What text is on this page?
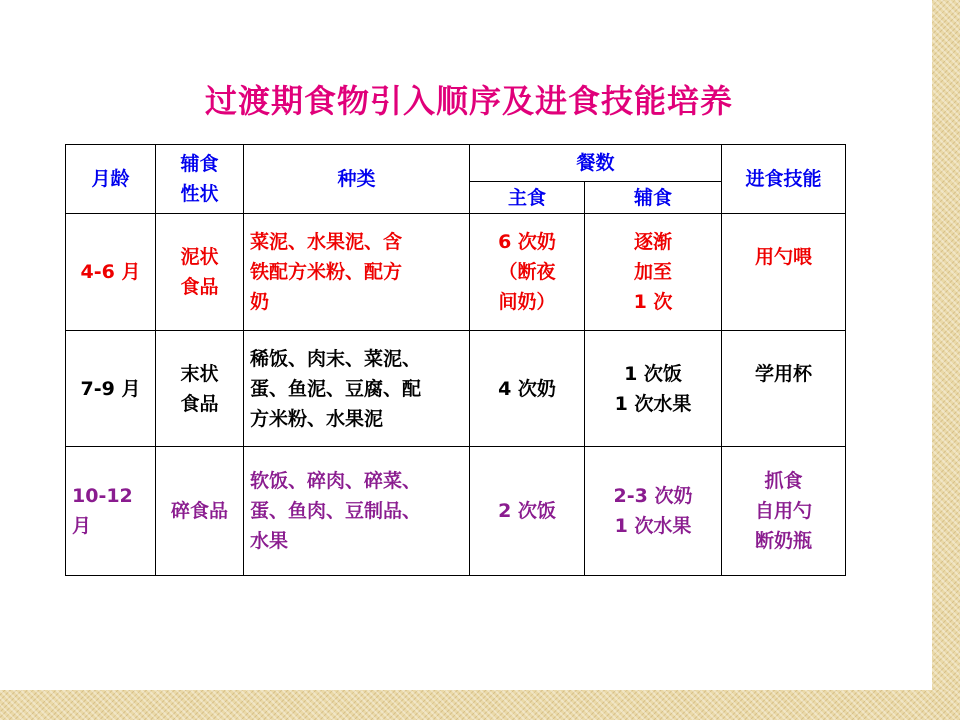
过渡期食物引入顺序及进食技能培养
月龄
辅食
性状
种类
餐数
主食	辅食
进食技能
4-6 月
泥状
食品
菜泥、水果泥、含
铁配方米粉、配方
奶
6 次奶
（断夜
间奶）
逐渐
加至
1 次
用勺喂
7-9 月
末状
食品
稀饭、肉末、菜泥、
蛋、鱼泥、豆腐、配
方米粉、水果泥
4 次奶
1 次饭
1 次水果
学用杯
10-12
月
碎食品
软饭、碎肉、碎菜、
蛋、鱼肉、豆制品、
水果
2 次饭
2-3 次奶
1 次水果
抓食
自用勺
断奶瓶
